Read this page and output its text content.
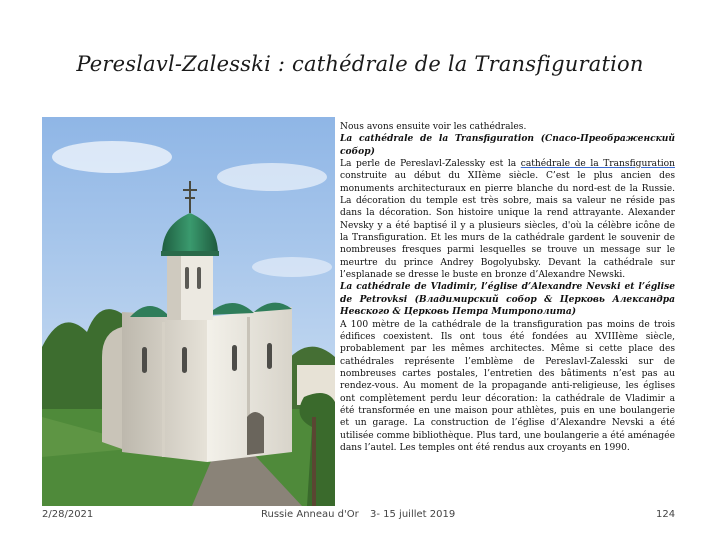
Pereslavl-Zalesski : cathédrale de la Transfiguration

Nous avons ensuite voir les cathédrales.

La cathédrale de la Transfiguration (Спасо-Преображенский собор)

La perle de Pereslavl-Zalessky est la cathédrale de la Transfiguration construite au début du XIIème siècle. C’est le plus ancien des monuments architecturaux en pierre blanche du nord-est de la Russie. La décoration du temple est très sobre, mais sa valeur ne réside pas dans la décoration. Son histoire unique la rend attrayante. Alexander Nevsky y a été baptisé il y a plusieurs siècles, d'où la célèbre icône de la Transfiguration. Et les murs de la cathédrale gardent le souvenir de nombreuses fresques parmi lesquelles se trouve un message sur le meurtre du prince Andrey Bogolyubsky. Devant la cathédrale sur l’esplanade se dresse le buste en bronze d’Alexandre Newski.

La cathédrale de Vladimir, l’église d’Alexandre Nevski et l’église de Petrovksi (Владимирский собор & Церковь Александра Невского & Церковь Петра Митрополита)

A 100 mètre de la cathédrale de la transfiguration pas moins de trois édifices coexistent. Ils ont tous été fondées au XVIIIème siècle, probablement par les mêmes architectes. Même si cette place des cathédrales représente l’emblème de Pereslavl-Zalesski sur de nombreuses cartes postales, l’entretien des bâtiments n’est pas au rendez-vous. Au moment de la propagande anti-religieuse, les églises ont complètement perdu leur décoration: la cathédrale de Vladimir a été transformée en une maison pour athlètes, puis en une boulangerie et un garage. La construction de l’église d’Alexandre Nevski a été utilisée comme bibliothèque. Plus tard, une boulangerie a été aménagée dans l’autel. Les temples ont été rendus aux croyants en 1990.

2/28/2021	Russie Anneau d'Or 3- 15 juillet 2019	124
